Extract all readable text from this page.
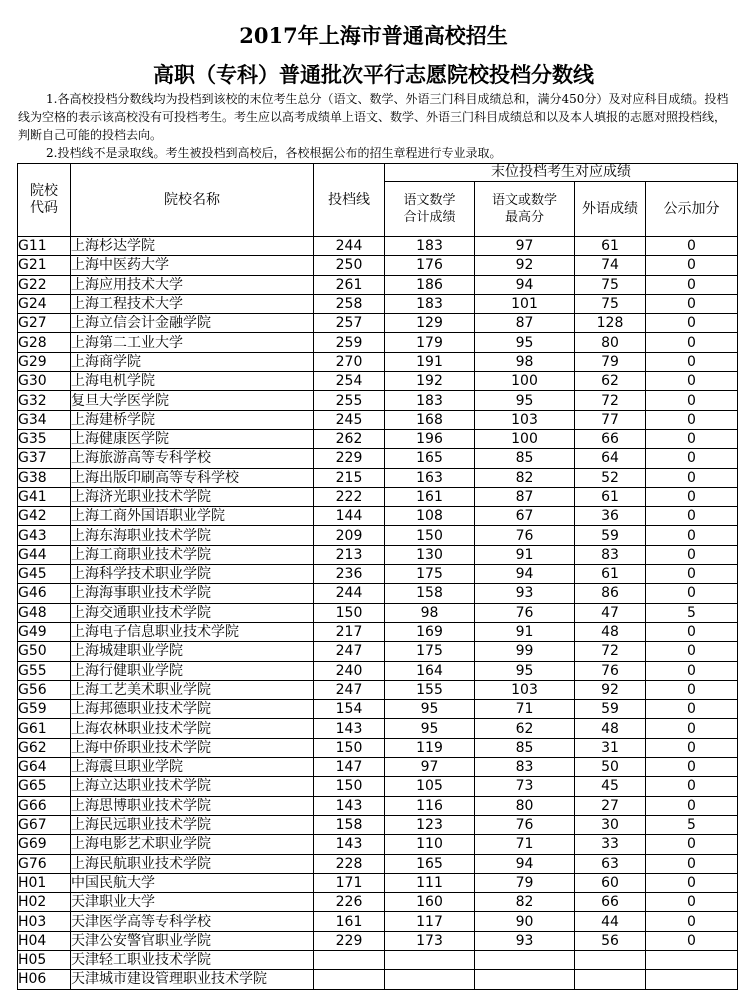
2017年上海市普通高校招生
高职（专科）普通批次平行志愿院校投档分数线
1.各高校投档分数线均为投档到该校的末位考生总分（语文、数学、外语三门科目成绩总和，满分450分）及对应科目成绩。投档线为空格的表示该高校没有可投档考生。考生应以高考成绩单上语文、数学、外语三门科目成绩总和以及本人填报的志愿对照投档线，判断自己可能的投档去向。
2.投档线不是录取线。考生被投档到高校后，各校根据公布的招生章程进行专业录取。
院校代码	院校名称	投档线	末位投档考生对应成绩			
			语文数学合计成绩	语文或数学最高分	外语成绩	公示加分
G11	上海杉达学院	244	183	97	61	0
G21	上海中医药大学	250	176	92	74	0
G22	上海应用技术大学	261	186	94	75	0
G24	上海工程技术大学	258	183	101	75	0
G27	上海立信会计金融学院	257	129	87	128	0
G28	上海第二工业大学	259	179	95	80	0
G29	上海商学院	270	191	98	79	0
G30	上海电机学院	254	192	100	62	0
G32	复旦大学医学院	255	183	95	72	0
G34	上海建桥学院	245	168	103	77	0
G35	上海健康医学院	262	196	100	66	0
G37	上海旅游高等专科学校	229	165	85	64	0
G38	上海出版印刷高等专科学校	215	163	82	52	0
G41	上海济光职业技术学院	222	161	87	61	0
G42	上海工商外国语职业学院	144	108	67	36	0
G43	上海东海职业技术学院	209	150	76	59	0
G44	上海工商职业技术学院	213	130	91	83	0
G45	上海科学技术职业学院	236	175	94	61	0
G46	上海海事职业技术学院	244	158	93	86	0
G48	上海交通职业技术学院	150	98	76	47	5
G49	上海电子信息职业技术学院	217	169	91	48	0
G50	上海城建职业学院	247	175	99	72	0
G55	上海行健职业学院	240	164	95	76	0
G56	上海工艺美术职业学院	247	155	103	92	0
G59	上海邦德职业技术学院	154	95	71	59	0
G61	上海农林职业技术学院	143	95	62	48	0
G62	上海中侨职业技术学院	150	119	85	31	0
G64	上海震旦职业学院	147	97	83	50	0
G65	上海立达职业技术学院	150	105	73	45	0
G66	上海思博职业技术学院	143	116	80	27	0
G67	上海民远职业技术学院	158	123	76	30	5
G69	上海电影艺术职业学院	143	110	71	33	0
G76	上海民航职业技术学院	228	165	94	63	0
H01	中国民航大学	171	111	79	60	0
H02	天津职业大学	226	160	82	66	0
H03	天津医学高等专科学校	161	117	90	44	0
H04	天津公安警官职业学院	229	173	93	56	0
H05	天津轻工职业技术学院					
H06	天津城市建设管理职业技术学院					
